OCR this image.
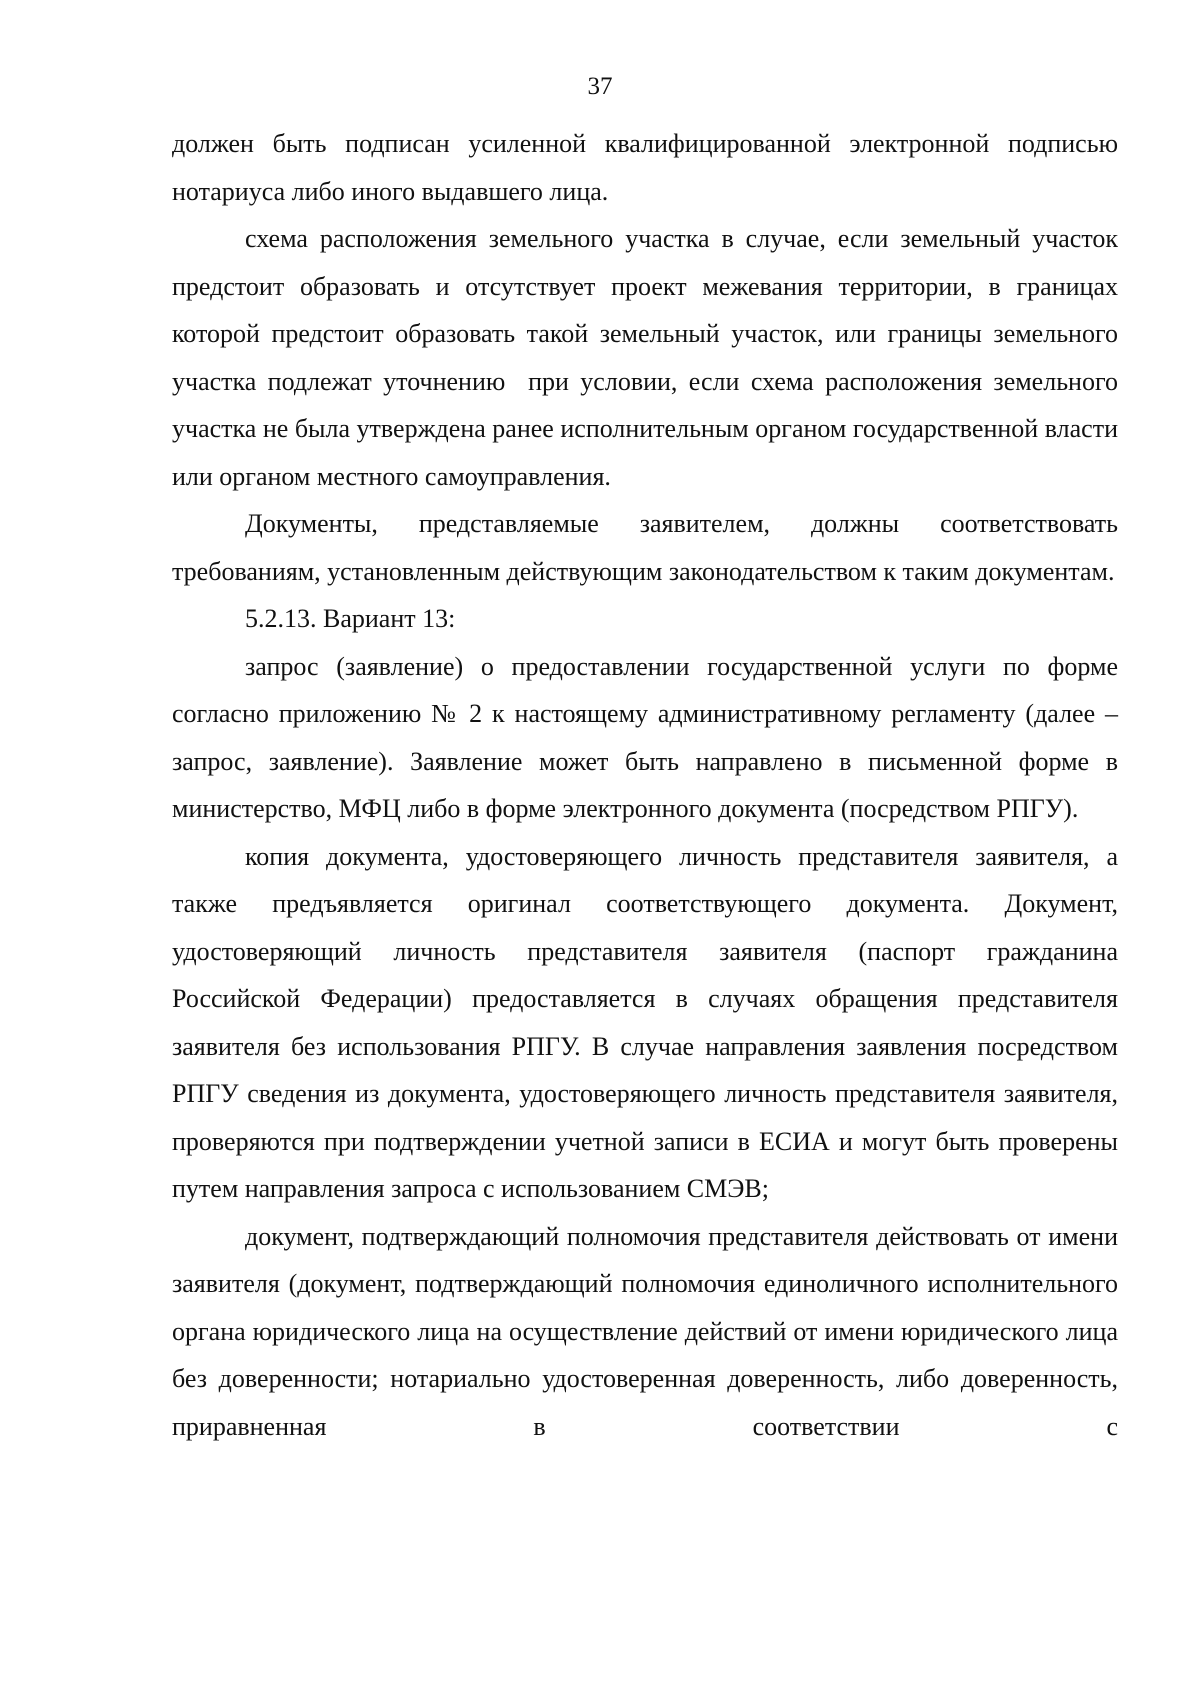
37

должен быть подписан усиленной квалифицированной электронной подписью нотариуса либо иного выдавшего лица.

схема расположения земельного участка в случае, если земельный участок предстоит образовать и отсутствует проект межевания территории, в границах которой предстоит образовать такой земельный участок, или границы земельного участка подлежат уточнению  при условии, если схема расположения земельного участка не была утверждена ранее исполнительным органом государственной власти или органом местного самоуправления.

Документы, представляемые заявителем, должны соответствовать требованиям, установленным действующим законодательством к таким документам.

5.2.13. Вариант 13:

запрос (заявление) о предоставлении государственной услуги по форме согласно приложению № 2 к настоящему административному регламенту (далее – запрос, заявление). Заявление может быть направлено в письменной форме в министерство, МФЦ либо в форме электронного документа (посредством РПГУ).

копия документа, удостоверяющего личность представителя заявителя, а также предъявляется оригинал соответствующего документа. Документ, удостоверяющий личность представителя заявителя (паспорт гражданина Российской Федерации) предоставляется в случаях обращения представителя заявителя без использования РПГУ. В случае направления заявления посредством РПГУ сведения из документа, удостоверяющего личность представителя заявителя, проверяются при подтверждении учетной записи в ЕСИА и могут быть проверены путем направления запроса с использованием СМЭВ;

документ, подтверждающий полномочия представителя действовать от имени заявителя (документ, подтверждающий полномочия единоличного исполнительного органа юридического лица на осуществление действий от имени юридического лица без доверенности; нотариально удостоверенная доверенность, либо доверенность, приравненная в соответствии с
